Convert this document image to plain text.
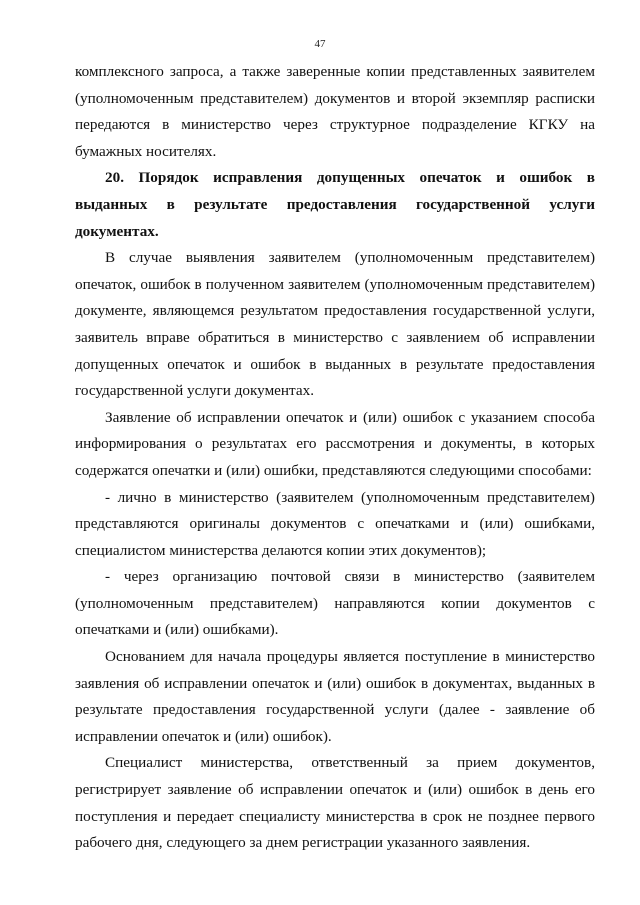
47

комплексного запроса, а также заверенные копии представленных заявителем (уполномоченным представителем) документов и второй экземпляр расписки передаются в министерство через структурное подразделение КГКУ на бумажных носителях.

20. Порядок исправления допущенных опечаток и ошибок в выданных в результате предоставления государственной услуги документах.

В случае выявления заявителем (уполномоченным представителем) опечаток, ошибок в полученном заявителем (уполномоченным представителем) документе, являющемся результатом предоставления государственной услуги, заявитель вправе обратиться в министерство с заявлением об исправлении допущенных опечаток и ошибок в выданных в результате предоставления государственной услуги документах.

Заявление об исправлении опечаток и (или) ошибок с указанием способа информирования о результатах его рассмотрения и документы, в которых содержатся опечатки и (или) ошибки, представляются следующими способами:

- лично в министерство (заявителем (уполномоченным представителем) представляются оригиналы документов с опечатками и (или) ошибками, специалистом министерства делаются копии этих документов);

- через организацию почтовой связи в министерство (заявителем (уполномоченным представителем) направляются копии документов с опечатками и (или) ошибками).

Основанием для начала процедуры является поступление в министерство заявления об исправлении опечаток и (или) ошибок в документах, выданных в результате предоставления государственной услуги (далее - заявление об исправлении опечаток и (или) ошибок).

Специалист министерства, ответственный за прием документов, регистрирует заявление об исправлении опечаток и (или) ошибок в день его поступления и передает специалисту министерства в срок не позднее первого рабочего дня, следующего за днем регистрации указанного заявления.
